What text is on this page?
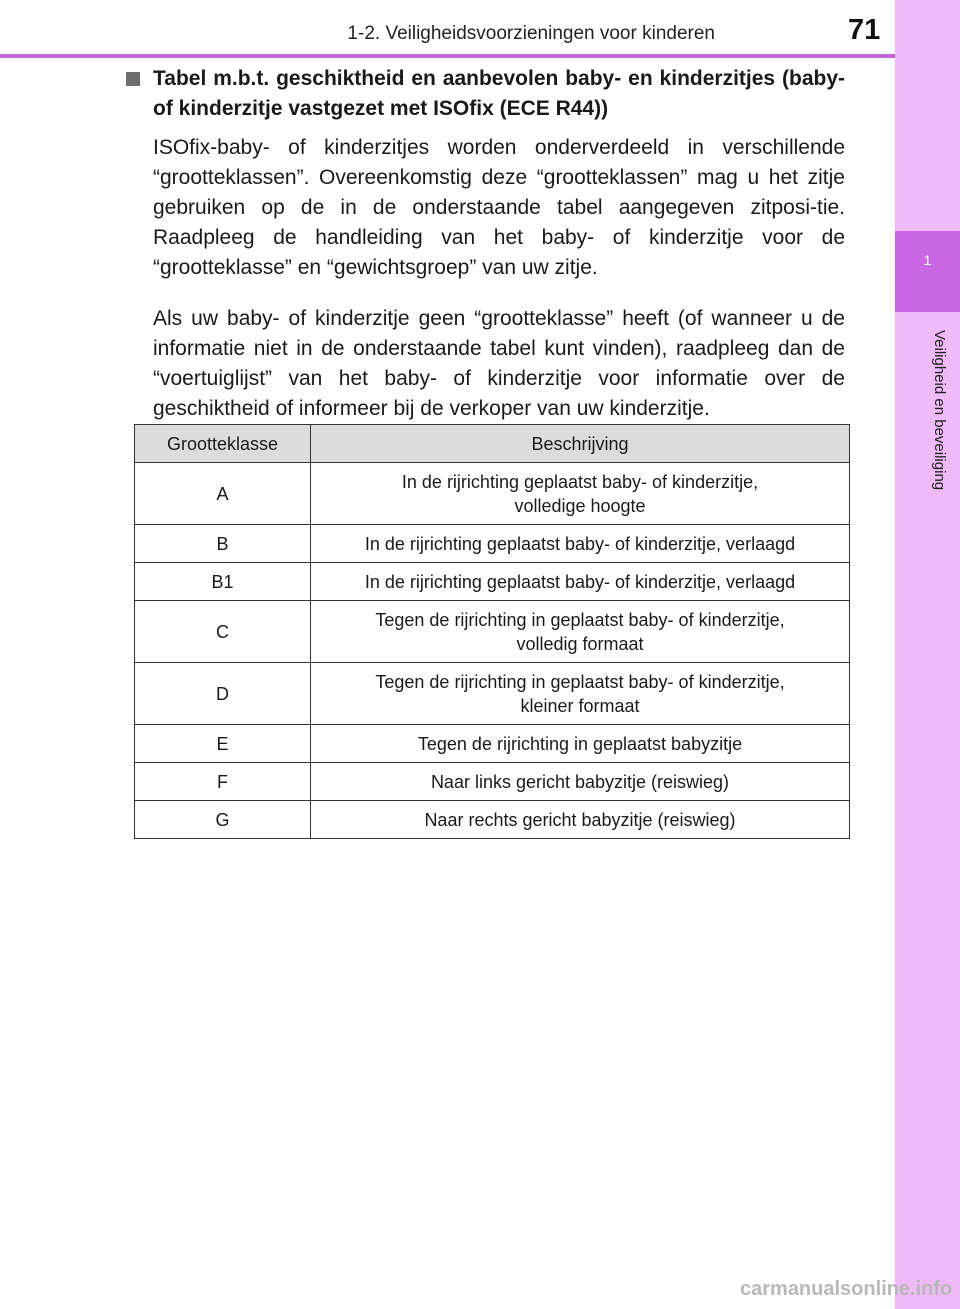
1-2. Veiligheidsvoorzieningen voor kinderen	71
1
Veiligheid en beveiliging
Tabel m.b.t. geschiktheid en aanbevolen baby- en kinderzitjes (baby- of kinderzitje vastgezet met ISOfix (ECE R44))

ISOfix-baby- of kinderzitjes worden onderverdeeld in verschillende “grootteklassen”. Overeenkomstig deze “grootteklassen” mag u het zitje gebruiken op de in de onderstaande tabel aangegeven zitposi-tie. Raadpleeg de handleiding van het baby- of kinderzitje voor de “grootteklasse” en “gewichtsgroep” van uw zitje.

Als uw baby- of kinderzitje geen “grootteklasse” heeft (of wanneer u de informatie niet in de onderstaande tabel kunt vinden), raadpleeg dan de “voertuiglijst” van het baby- of kinderzitje voor informatie over de geschiktheid of informeer bij de verkoper van uw kinderzitje.

Grootteklasse	Beschrijving
A	In de rijrichting geplaatst baby- of kinderzitje,
volledige hoogte
B	In de rijrichting geplaatst baby- of kinderzitje, verlaagd
B1	In de rijrichting geplaatst baby- of kinderzitje, verlaagd
C	Tegen de rijrichting in geplaatst baby- of kinderzitje,
volledig formaat
D	Tegen de rijrichting in geplaatst baby- of kinderzitje,
kleiner formaat
E	Tegen de rijrichting in geplaatst babyzitje
F	Naar links gericht babyzitje (reiswieg)
G	Naar rechts gericht babyzitje (reiswieg)
carmanualsonline.info
